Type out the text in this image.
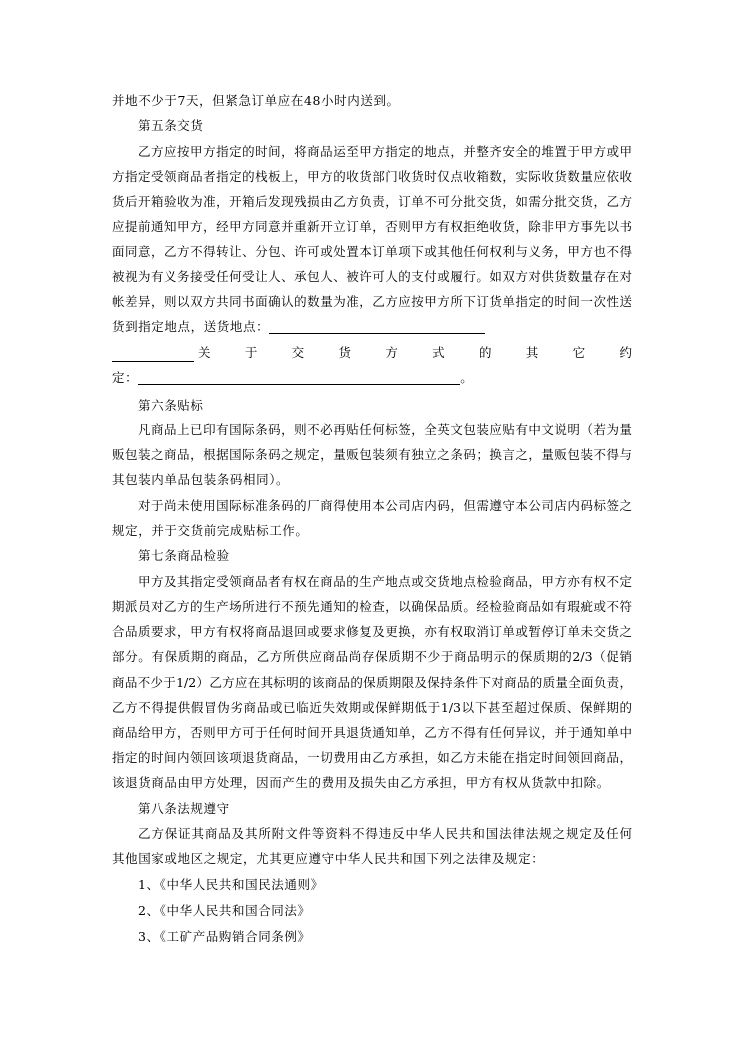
并地不少于7天，但紧急订单应在48小时内送到。
第五条交货
乙方应按甲方指定的时间，将商品运至甲方指定的地点，并整齐安全的堆置于甲方或甲
方指定受领商品者指定的栈板上，甲方的收货部门收货时仅点收箱数，实际收货数量应依收
货后开箱验收为准，开箱后发现残损由乙方负责，订单不可分批交货，如需分批交货，乙方
应提前通知甲方，经甲方同意并重新开立订单，否则甲方有权拒绝收货，除非甲方事先以书
面同意，乙方不得转让、分包、许可或处置本订单项下或其他任何权利与义务，甲方也不得
被视为有义务接受任何受让人、承包人、被许可人的支付或履行。如双方对供货数量存在对
帐差异，则以双方共同书面确认的数量为准，乙方应按甲方所下订货单指定的时间一次性送
货到指定地点，送货地点：
关	于	交	货	方	式	的	其	它	约
定：	。
第六条贴标
凡商品上已印有国际条码，则不必再贴任何标签，全英文包装应贴有中文说明（若为量
贩包装之商品，根据国际条码之规定，量贩包装须有独立之条码；换言之，量贩包装不得与
其包装内单品包装条码相同）。
对于尚未使用国际标准条码的厂商得使用本公司店内码，但需遵守本公司店内码标签之
规定，并于交货前完成贴标工作。
第七条商品检验
甲方及其指定受领商品者有权在商品的生产地点或交货地点检验商品，甲方亦有权不定
期派员对乙方的生产场所进行不预先通知的检查，以确保品质。经检验商品如有瑕疵或不符
合品质要求，甲方有权将商品退回或要求修复及更换，亦有权取消订单或暂停订单未交货之
部分。有保质期的商品，乙方所供应商品尚存保质期不少于商品明示的保质期的2/3（促销
商品不少于1/2）乙方应在其标明的该商品的保质期限及保持条件下对商品的质量全面负责，
乙方不得提供假冒伪劣商品或已临近失效期或保鲜期低于1/3以下甚至超过保质、保鲜期的
商品给甲方，否则甲方可于任何时间开具退货通知单，乙方不得有任何异议，并于通知单中
指定的时间内领回该项退货商品，一切费用由乙方承担，如乙方未能在指定时间领回商品，
该退货商品由甲方处理，因而产生的费用及损失由乙方承担，甲方有权从货款中扣除。
第八条法规遵守
乙方保证其商品及其所附文件等资料不得违反中华人民共和国法律法规之规定及任何
其他国家或地区之规定，尤其更应遵守中华人民共和国下列之法律及规定：
1、《中华人民共和国民法通则》
2、《中华人民共和国合同法》
3、《工矿产品购销合同条例》
